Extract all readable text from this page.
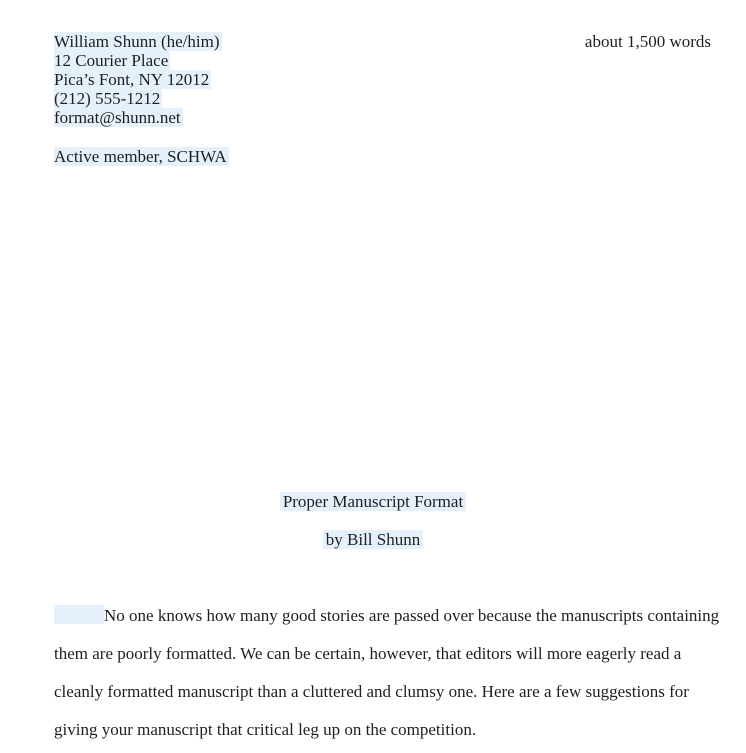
William Shunn (he/him)
12 Courier Place
Pica’s Font, NY 12012
(212) 555-1212
format@shunn.net
Active member, SCHWA
about 1,500 words
Proper Manuscript Format
by Bill Shunn

No one knows how many good stories are passed over because the manuscripts containing them are poorly formatted. We can be certain, however, that editors will more eagerly read a cleanly formatted manuscript than a cluttered and clumsy one. Here are a few suggestions for giving your manuscript that critical leg up on the competition.
